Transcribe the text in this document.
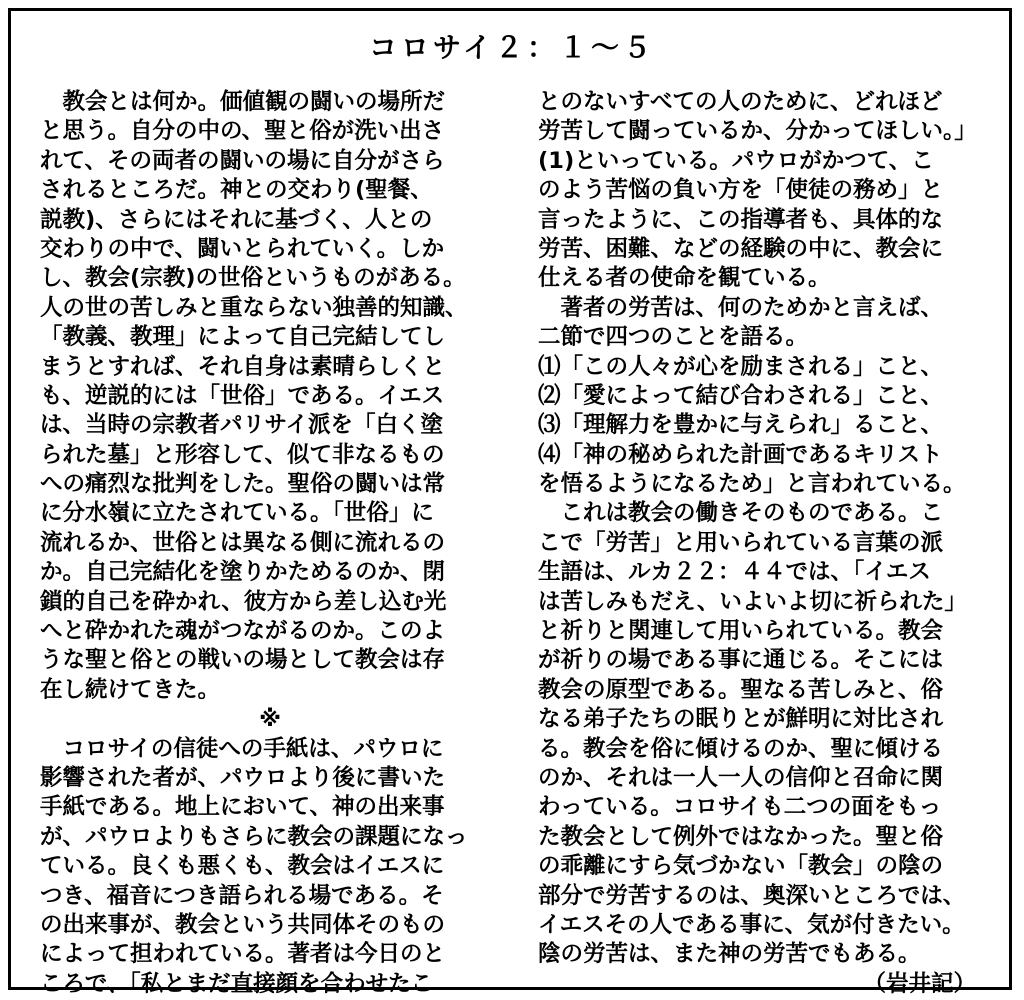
コロサイ２：１～５
　教会とは何か。価値観の闘いの場所だ
と思う。自分の中の、聖と俗が洗い出さ
れて、その両者の闘いの場に自分がさら
されるところだ。神との交わり(聖餐、
説教)、さらにはそれに基づく、人との
交わりの中で、闘いとられていく。しか
し、教会(宗教)の世俗というものがある。
人の世の苦しみと重ならない独善的知識、
「教義、教理」によって自己完結してし
まうとすれば、それ自身は素晴らしくと
も、逆説的には「世俗」である。イエス
は、当時の宗教者パリサイ派を「白く塗
られた墓」と形容して、似て非なるもの
への痛烈な批判をした。聖俗の闘いは常
に分水嶺に立たされている。「世俗」に
流れるか、世俗とは異なる側に流れるの
か。自己完結化を塗りかためるのか、閉
鎖的自己を砕かれ、彼方から差し込む光
へと砕かれた魂がつながるのか。このよ
うな聖と俗との戦いの場として教会は存
在し続けてきた。
※
　コロサイの信徒への手紙は、パウロに
影響された者が、パウロより後に書いた
手紙である。地上において、神の出来事
が、パウロよりもさらに教会の課題になっ
ている。良くも悪くも、教会はイエスに
つき、福音につき語られる場である。そ
の出来事が、教会という共同体そのもの
によって担われている。著者は今日のと
ころで、「私とまだ直接顔を合わせたこ
とのないすべての人のために、どれほど
労苦して闘っているか、分かってほしい。」
(1)といっている。パウロがかつて、こ
のよう苦悩の負い方を「使徒の務め」と
言ったように、この指導者も、具体的な
労苦、困難、などの経験の中に、教会に
仕える者の使命を観ている。
　著者の労苦は、何のためかと言えば、
二節で四つのことを語る。
⑴「この人々が心を励まされる」こと、
⑵「愛によって結び合わされる」こと、
⑶「理解力を豊かに与えられ」ること、
⑷「神の秘められた計画であるキリスト
を悟るようになるため」と言われている。
　これは教会の働きそのものである。こ
こで「労苦」と用いられている言葉の派
生語は、ルカ２２：４４では、「イエス
は苦しみもだえ、いよいよ切に祈られた」
と祈りと関連して用いられている。教会
が祈りの場である事に通じる。そこには
教会の原型である。聖なる苦しみと、俗
なる弟子たちの眠りとが鮮明に対比され
る。教会を俗に傾けるのか、聖に傾ける
のか、それは一人一人の信仰と召命に関
わっている。コロサイも二つの面をもっ
た教会として例外ではなかった。聖と俗
の乖離にすら気づかない「教会」の陰の
部分で労苦するのは、奥深いところでは、
イエスその人である事に、気が付きたい。
陰の労苦は、また神の労苦でもある。
（岩井記）
